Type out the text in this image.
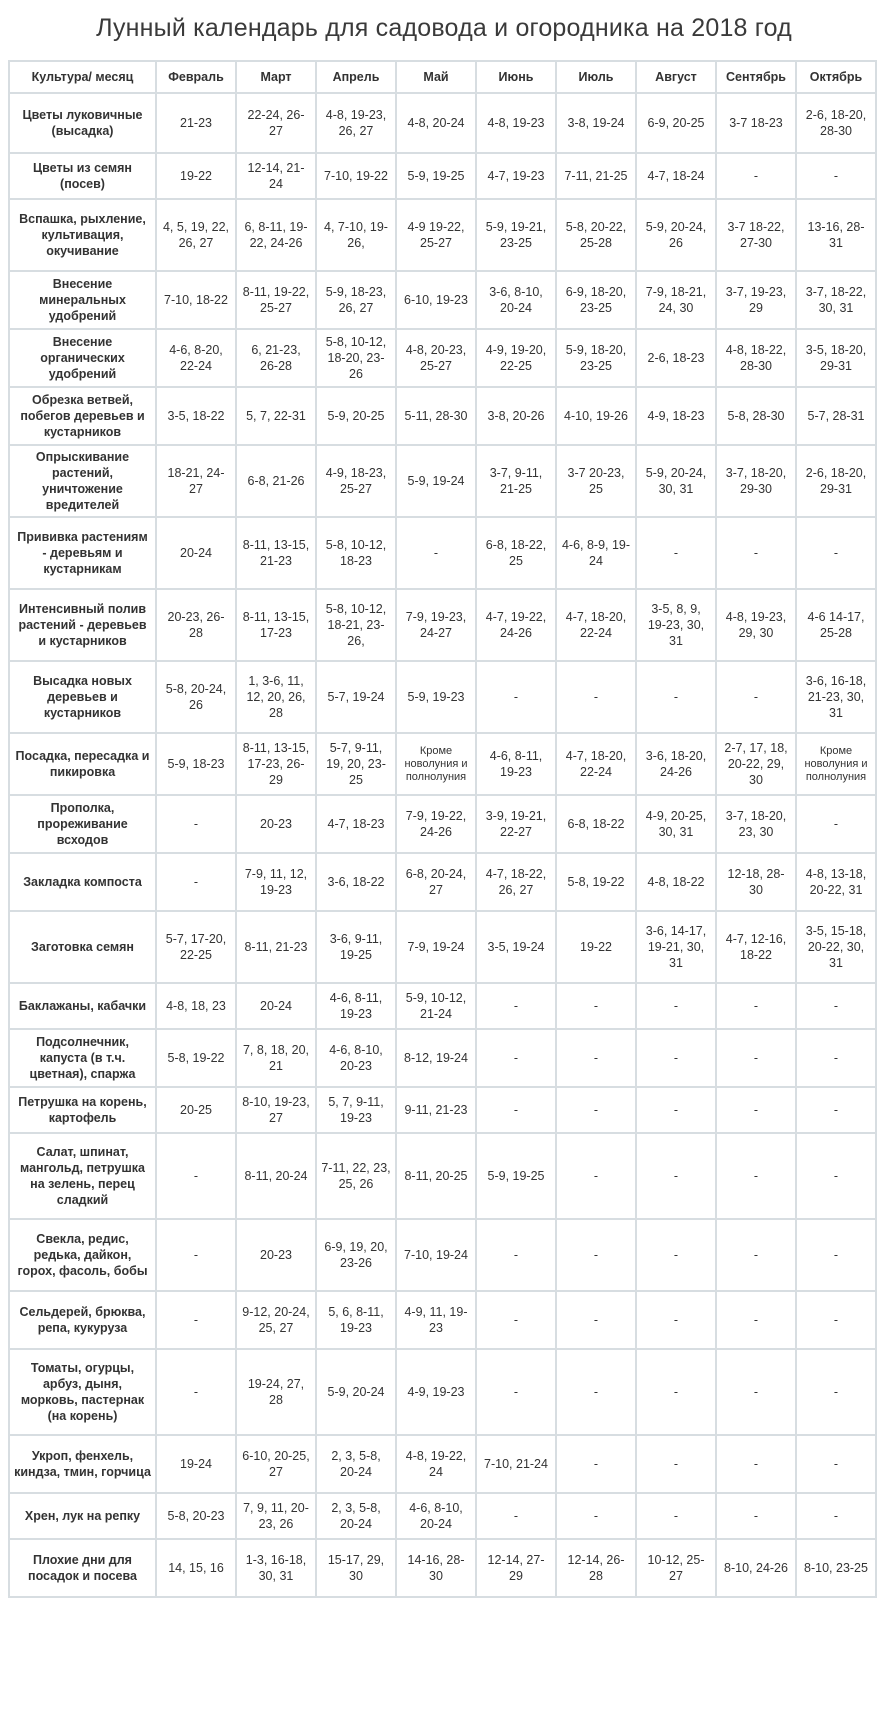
Лунный календарь для садовода и огородника на 2018 год
Культура/ месяц	Февраль	Март	Апрель	Май	Июнь	Июль	Август	Сентябрь	Октябрь
Цветы луковичные (высадка)	21-23	22-24, 26-27	4-8, 19-23, 26, 27	4-8, 20-24	4-8, 19-23	3-8, 19-24	6-9, 20-25	3-7 18-23	2-6, 18-20, 28-30
Цветы из семян (посев)	19-22	12-14, 21-24	7-10, 19-22	5-9, 19-25	4-7, 19-23	7-11, 21-25	4-7, 18-24	-	-
Вспашка, рыхление, культивация, окучивание	4, 5, 19, 22, 26, 27	6, 8-11, 19-22, 24-26	4, 7-10, 19-26,	4-9 19-22, 25-27	5-9, 19-21, 23-25	5-8, 20-22, 25-28	5-9, 20-24, 26	3-7 18-22, 27-30	13-16, 28-31
Внесение минеральных удобрений	7-10, 18-22	8-11, 19-22, 25-27	5-9, 18-23, 26, 27	6-10, 19-23	3-6, 8-10, 20-24	6-9, 18-20, 23-25	7-9, 18-21, 24, 30	3-7, 19-23, 29	3-7, 18-22, 30, 31
Внесение органических удобрений	4-6, 8-20, 22-24	6, 21-23, 26-28	5-8, 10-12, 18-20, 23-26	4-8, 20-23, 25-27	4-9, 19-20, 22-25	5-9, 18-20, 23-25	2-6, 18-23	4-8, 18-22, 28-30	3-5, 18-20, 29-31
Обрезка ветвей, побегов деревьев и кустарников	3-5, 18-22	5, 7, 22-31	5-9, 20-25	5-11, 28-30	3-8, 20-26	4-10, 19-26	4-9, 18-23	5-8, 28-30	5-7, 28-31
Опрыскивание растений, уничтожение вредителей	18-21, 24-27	6-8, 21-26	4-9, 18-23, 25-27	5-9, 19-24	3-7, 9-11, 21-25	3-7 20-23, 25	5-9, 20-24, 30, 31	3-7, 18-20, 29-30	2-6, 18-20, 29-31
Прививка растениям - деревьям и кустарникам	20-24	8-11, 13-15, 21-23	5-8, 10-12, 18-23	-	6-8, 18-22, 25	4-6, 8-9, 19-24	-	-	-
Интенсивный полив растений - деревьев и кустарников	20-23, 26-28	8-11, 13-15, 17-23	5-8, 10-12, 18-21, 23-26,	7-9, 19-23, 24-27	4-7, 19-22, 24-26	4-7, 18-20, 22-24	3-5, 8, 9, 19-23, 30, 31	4-8, 19-23, 29, 30	4-6 14-17, 25-28
Высадка новых деревьев и кустарников	5-8, 20-24, 26	1, 3-6, 11, 12, 20, 26, 28	5-7, 19-24	5-9, 19-23	-	-	-	-	3-6, 16-18, 21-23, 30, 31
Посадка, пересадка и пикировка	5-9, 18-23	8-11, 13-15, 17-23, 26-29	5-7, 9-11, 19, 20, 23-25	Кроме новолуния и полнолуния	4-6, 8-11, 19-23	4-7, 18-20, 22-24	3-6, 18-20, 24-26	2-7, 17, 18, 20-22, 29, 30	Кроме новолуния и полнолуния
Прополка, прореживание всходов	-	20-23	4-7, 18-23	7-9, 19-22, 24-26	3-9, 19-21, 22-27	6-8, 18-22	4-9, 20-25, 30, 31	3-7, 18-20, 23, 30	-
Закладка компоста	-	7-9, 11, 12, 19-23	3-6, 18-22	6-8, 20-24, 27	4-7, 18-22, 26, 27	5-8, 19-22	4-8, 18-22	12-18, 28-30	4-8, 13-18, 20-22, 31
Заготовка семян	5-7, 17-20, 22-25	8-11, 21-23	3-6, 9-11, 19-25	7-9, 19-24	3-5, 19-24	19-22	3-6, 14-17, 19-21, 30, 31	4-7, 12-16, 18-22	3-5, 15-18, 20-22, 30, 31
Баклажаны, кабачки	4-8, 18, 23	20-24	4-6, 8-11, 19-23	5-9, 10-12, 21-24	-	-	-	-	-
Подсолнечник, капуста (в т.ч. цветная), спаржа	5-8, 19-22	7, 8, 18, 20, 21	4-6, 8-10, 20-23	8-12, 19-24	-	-	-	-	-
Петрушка на корень, картофель	20-25	8-10, 19-23, 27	5, 7, 9-11, 19-23	9-11, 21-23	-	-	-	-	-
Салат, шпинат, мангольд, петрушка на зелень, перец сладкий	-	8-11, 20-24	7-11, 22, 23, 25, 26	8-11, 20-25	5-9, 19-25	-	-	-	-
Свекла, редис, редька, дайкон, горох, фасоль, бобы	-	20-23	6-9, 19, 20, 23-26	7-10, 19-24	-	-	-	-	-
Сельдерей, брюква, репа, кукуруза	-	9-12, 20-24, 25, 27	5, 6, 8-11, 19-23	4-9, 11, 19-23	-	-	-	-	-
Томаты, огурцы, арбуз, дыня, морковь, пастернак (на корень)	-	19-24, 27, 28	5-9, 20-24	4-9, 19-23	-	-	-	-	-
Укроп, фенхель, киндза, тмин, горчица	19-24	6-10, 20-25, 27	2, 3, 5-8, 20-24	4-8, 19-22, 24	7-10, 21-24	-	-	-	-
Хрен, лук на репку	5-8, 20-23	7, 9, 11, 20-23, 26	2, 3, 5-8, 20-24	4-6, 8-10, 20-24	-	-	-	-	-
Плохие дни для посадок и посева	14, 15, 16	1-3, 16-18, 30, 31	15-17, 29, 30	14-16, 28-30	12-14, 27-29	12-14, 26-28	10-12, 25-27	8-10, 24-26	8-10, 23-25
